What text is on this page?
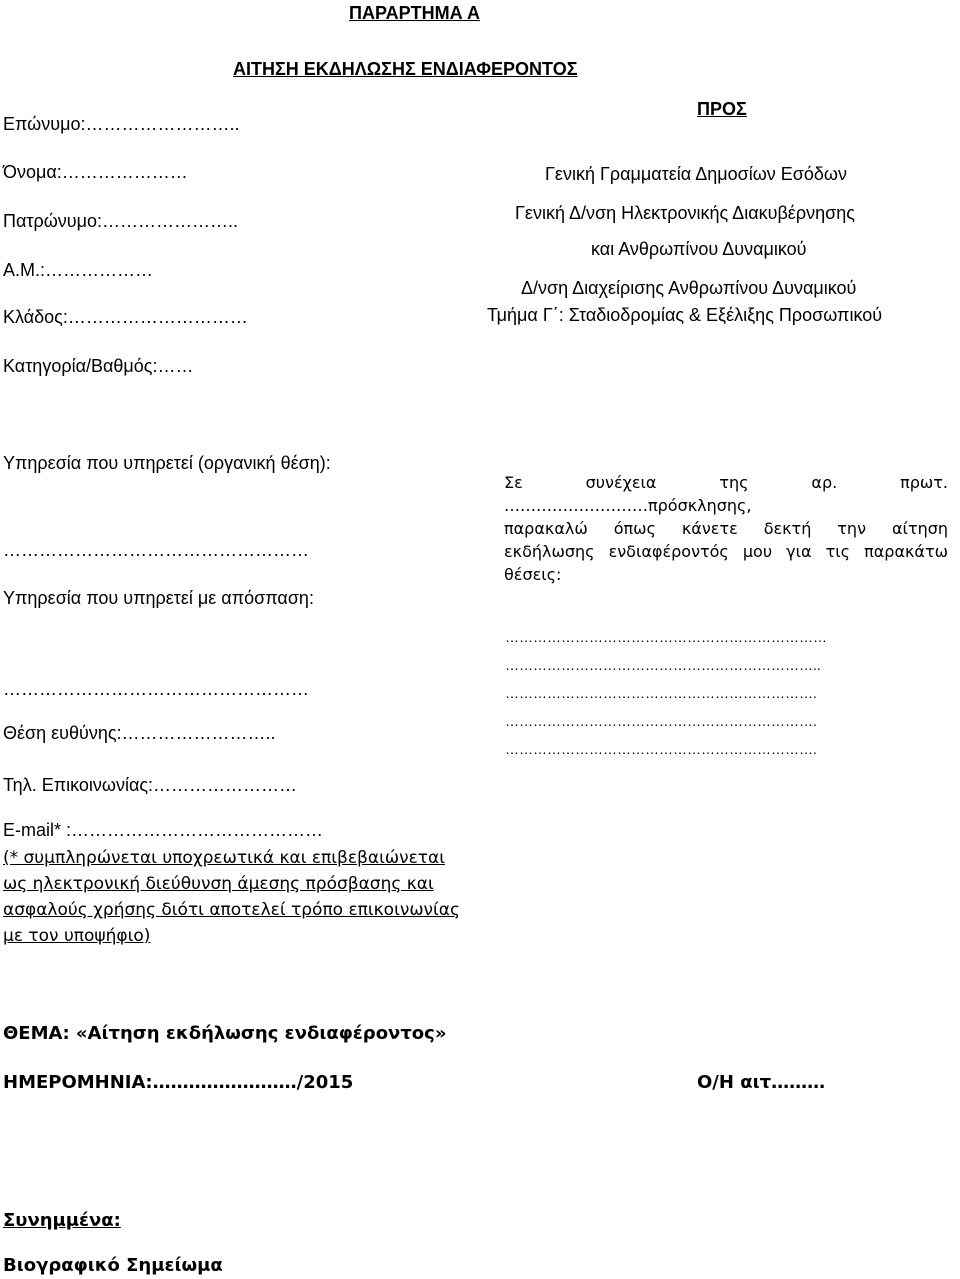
ΠΑΡΑΡΤΗΜΑ Α
ΑΙΤΗΣΗ ΕΚΔΗΛΩΣΗΣ ΕΝΔΙΑΦΕΡΟΝΤΟΣ
Επώνυμο:……………………..
Όνομα:…………………
Πατρώνυμο:…………………..
Α.Μ.:………………
Κλάδος:…………………………
Κατηγορία/Βαθμός:……
ΠΡΟΣ
Γενική Γραμματεία Δημοσίων Εσόδων
Γενική Δ/νση Ηλεκτρονικής Διακυβέρνησης
και Ανθρωπίνου Δυναμικού
Δ/νση Διαχείρισης Ανθρωπίνου Δυναμικού
Τμήμα Γ΄: Σταδιοδρομίας & Εξέλιξης Προσωπικού
Υπηρεσία που υπηρετεί (οργανική θέση):
……………………………………………
Υπηρεσία που υπηρετεί με απόσπαση:
……………………………………………
Θέση ευθύνης:……………………..
Τηλ. Επικοινωνίας:……………………
E-mail* :……………………………………
(* συμπληρώνεται υποχρεωτικά και επιβεβαιώνεται
ως ηλεκτρονική διεύθυνση άμεσης πρόσβασης και
ασφαλούς χρήσης διότι αποτελεί τρόπο επικοινωνίας
με τον υποψήφιο)
Σε συνέχεια της αρ. πρωτ.
………………………πρόσκλησης,
παρακαλώ όπως κάνετε δεκτή την αίτηση
εκδήλωσης ενδιαφέροντός μου για τις παρακάτω
θέσεις:
……………………………………………………………
…………………………………………………………..
………………………………………………………….
………………………………………………………….
………………………………………………………….
ΘΕΜΑ: «Αίτηση εκδήλωσης ενδιαφέροντος»
ΗΜΕΡΟΜΗΝΙΑ:……………………/2015	Ο/Η αιτ………
Συνημμένα:
Βιογραφικό Σημείωμα
